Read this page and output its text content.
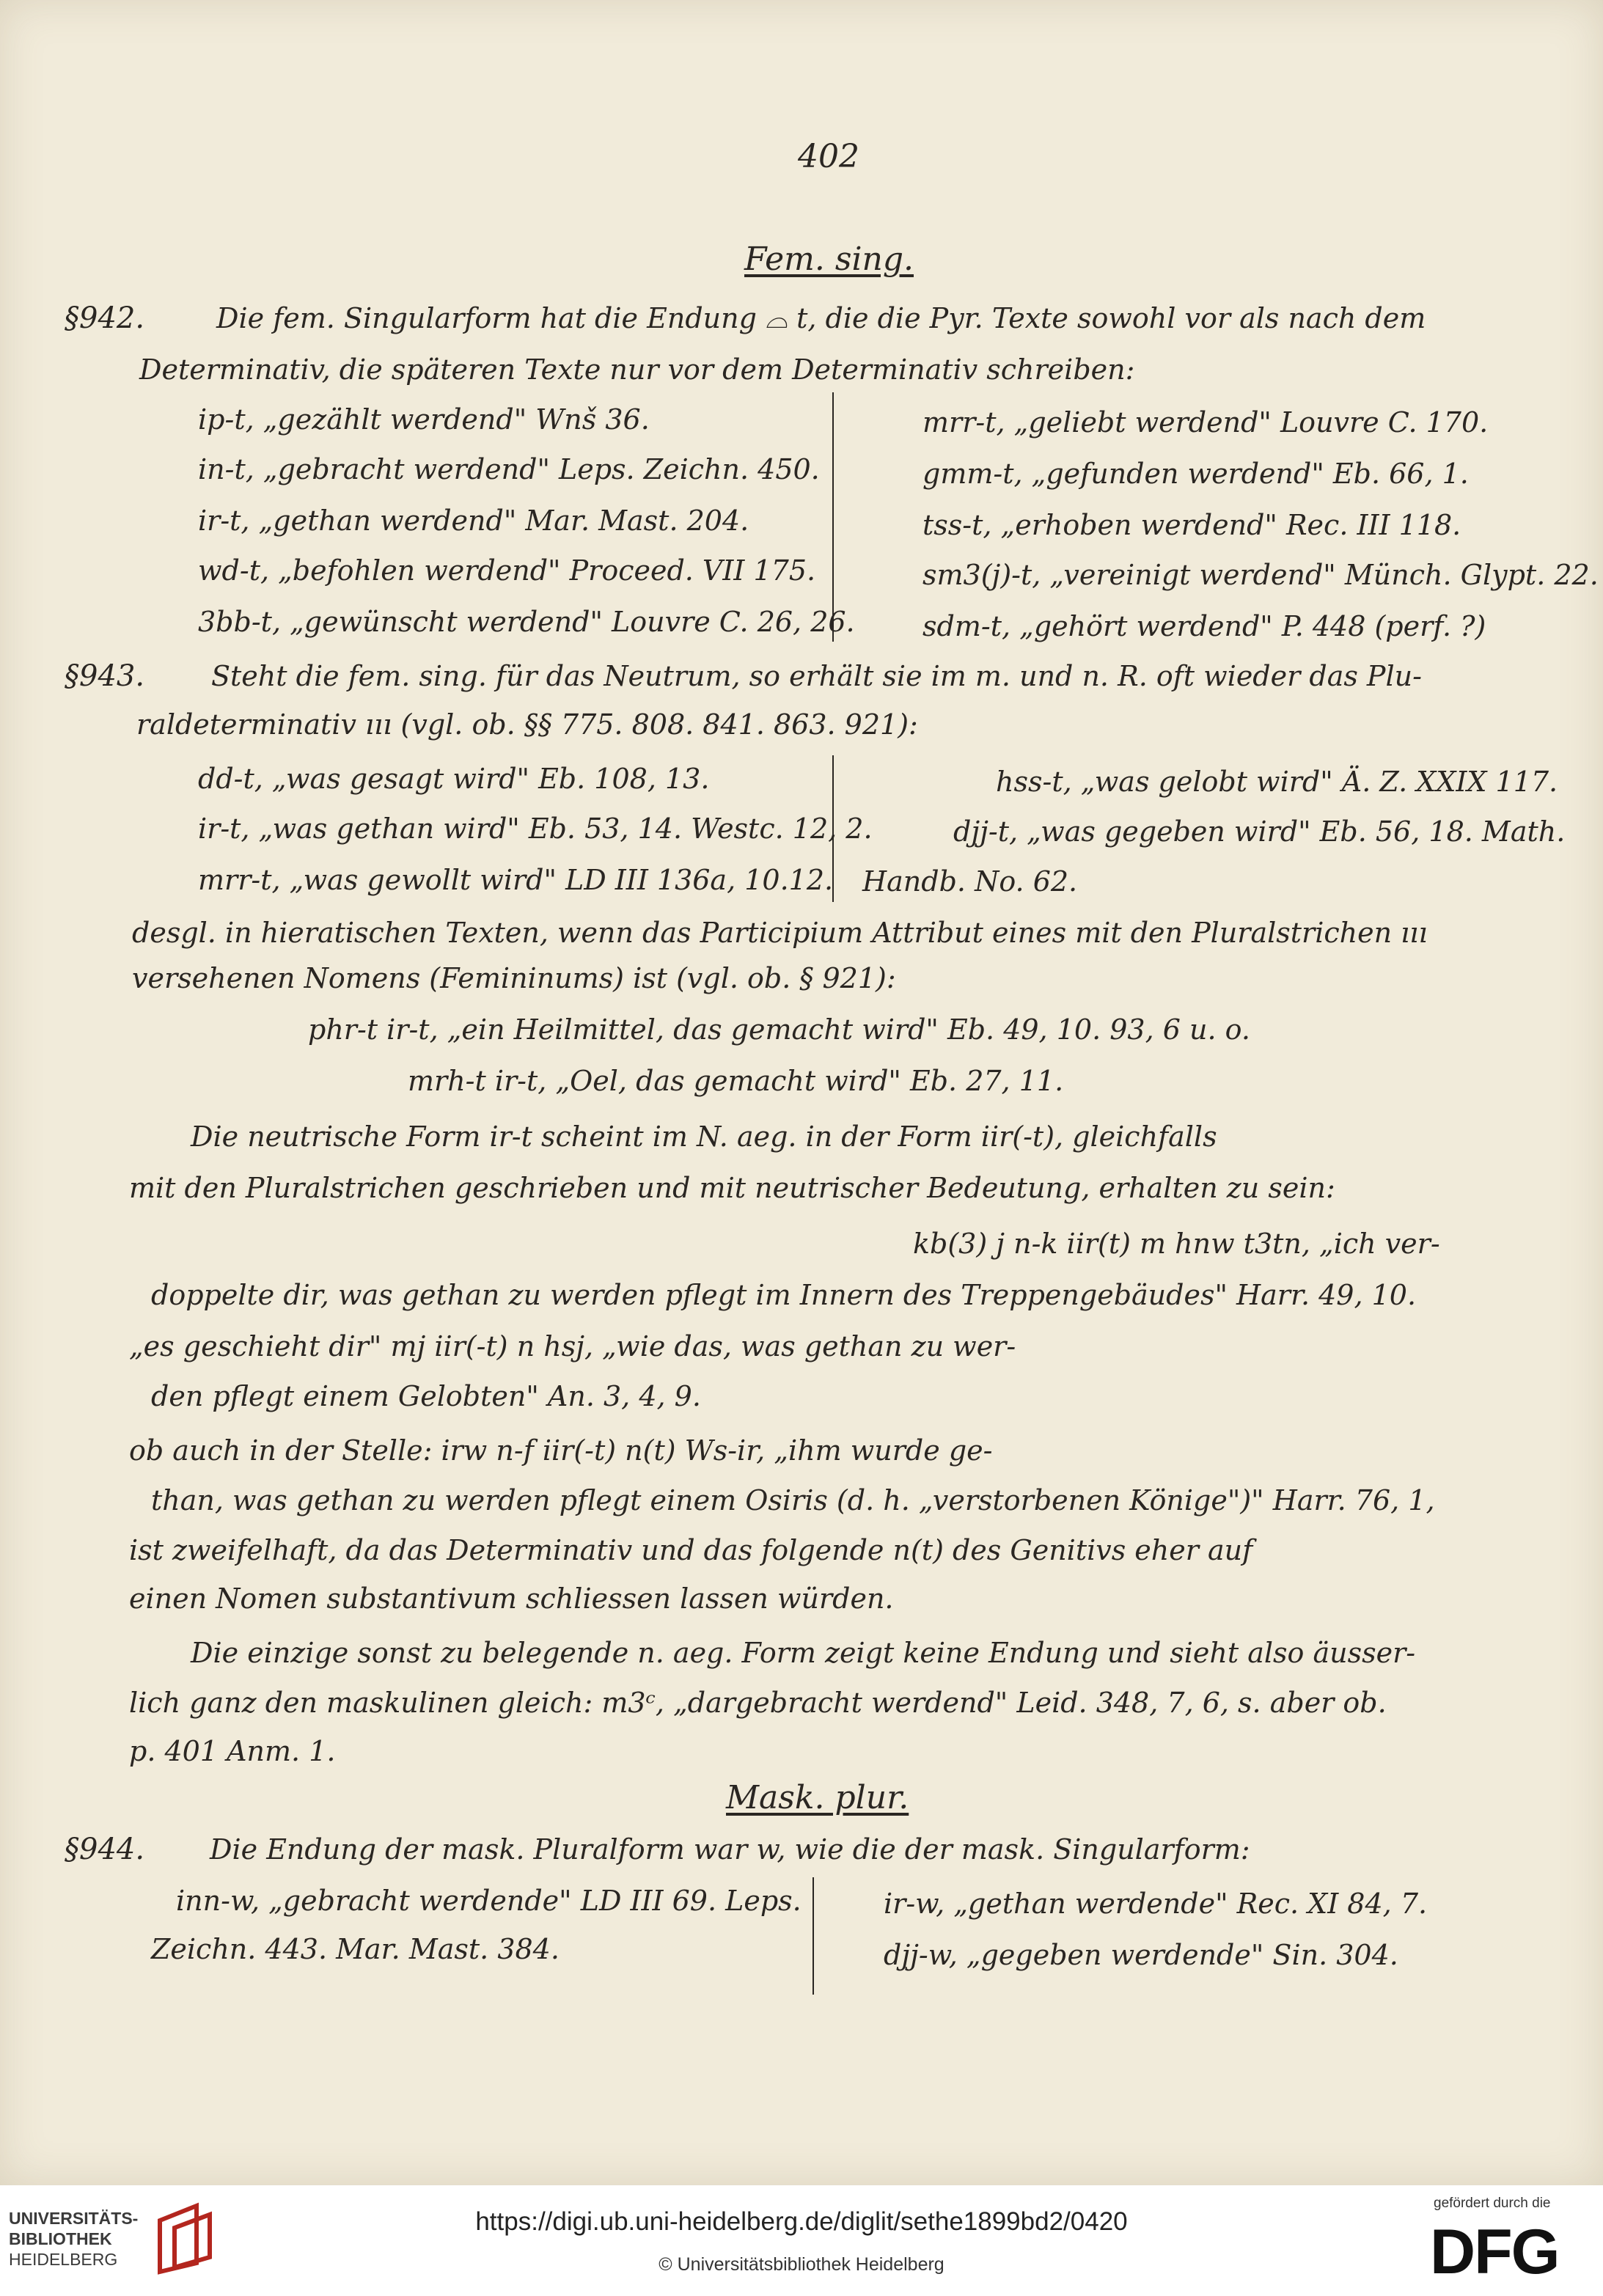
402
Fem. sing.
§942.	Die fem. Singularform hat die Endung ⌓ t, die die Pyr. Texte sowohl vor als nach dem
Determinativ, die späteren Texte nur vor dem Determinativ schreiben:
ip-t, „gezählt werdend" Wnš 36.
in-t, „gebracht werdend" Leps. Zeichn. 450.
ir-t, „gethan werdend" Mar. Mast. 204.
wd-t, „befohlen werdend" Proceed. VII 175.
3bb-t, „gewünscht werdend" Louvre C. 26, 26.
mrr-t, „geliebt werdend" Louvre C. 170.
gmm-t, „gefunden werdend" Eb. 66, 1.
tss-t, „erhoben werdend" Rec. III 118.
sm3(j)-t, „vereinigt werdend" Münch. Glypt. 22.
sdm-t, „gehört werdend" P. 448 (perf. ?)
§943. Steht die fem. sing. für das Neutrum, so erhält sie im m. und n. R. oft wieder das Plu-
raldeterminativ ııı (vgl. ob. §§ 775. 808. 841. 863. 921):
dd-t, „was gesagt wird" Eb. 108, 13.
ir-t, „was gethan wird" Eb. 53, 14. Westc. 12, 2.
mrr-t, „was gewollt wird" LD III 136a, 10.12.
hss-t, „was gelobt wird" Ä. Z. XXIX 117.
djj-t, „was gegeben wird" Eb. 56, 18. Math.
Handb. No. 62.
desgl. in hieratischen Texten, wenn das Participium Attribut eines mit den Pluralstrichen ııı
versehenen Nomens (Femininums) ist (vgl. ob. § 921):
phr-t ir-t, „ein Heilmittel, das gemacht wird" Eb. 49, 10. 93, 6 u. o.
mrh-t ir-t, „Oel, das gemacht wird" Eb. 27, 11.
Die neutrische Form ir-t scheint im N. aeg. in der Form iir(-t), gleichfalls
mit den Pluralstrichen geschrieben und mit neutrischer Bedeutung, erhalten zu sein:
kb(3) j n-k iir(t) m hnw t3tn, „ich ver-
doppelte dir, was gethan zu werden pflegt im Innern des Treppengebäudes" Harr. 49, 10.
„es geschieht dir" mj iir(-t) n hsj, „wie das, was gethan zu wer-
den pflegt einem Gelobten" An. 3, 4, 9.
ob auch in der Stelle: irw n-f iir(-t) n(t) Ws-ir, „ihm wurde ge-
than, was gethan zu werden pflegt einem Osiris (d. h. „verstorbenen Könige")" Harr. 76, 1,
ist zweifelhaft, da das Determinativ und das folgende n(t) des Genitivs eher auf
einen Nomen substantivum schliessen lassen würden.
Die einzige sonst zu belegende n. aeg. Form zeigt keine Endung und sieht also äusser-
lich ganz den maskulinen gleich: m3ᶜ, „dargebracht werdend" Leid. 348, 7, 6, s. aber ob.
p. 401 Anm. 1.
Mask. plur.
§944. Die Endung der mask. Pluralform war w, wie die der mask. Singularform:
inn-w, „gebracht werdende" LD III 69. Leps.
Zeichn. 443. Mar. Mast. 384.
ir-w, „gethan werdende" Rec. XI 84, 7.
djj-w, „gegeben werdende" Sin. 304.
UNIVERSITÄTS-
BIBLIOTHEK
HEIDELBERG
https://digi.ub.uni-heidelberg.de/diglit/sethe1899bd2/0420
© Universitätsbibliothek Heidelberg
gefördert durch die
DFG
